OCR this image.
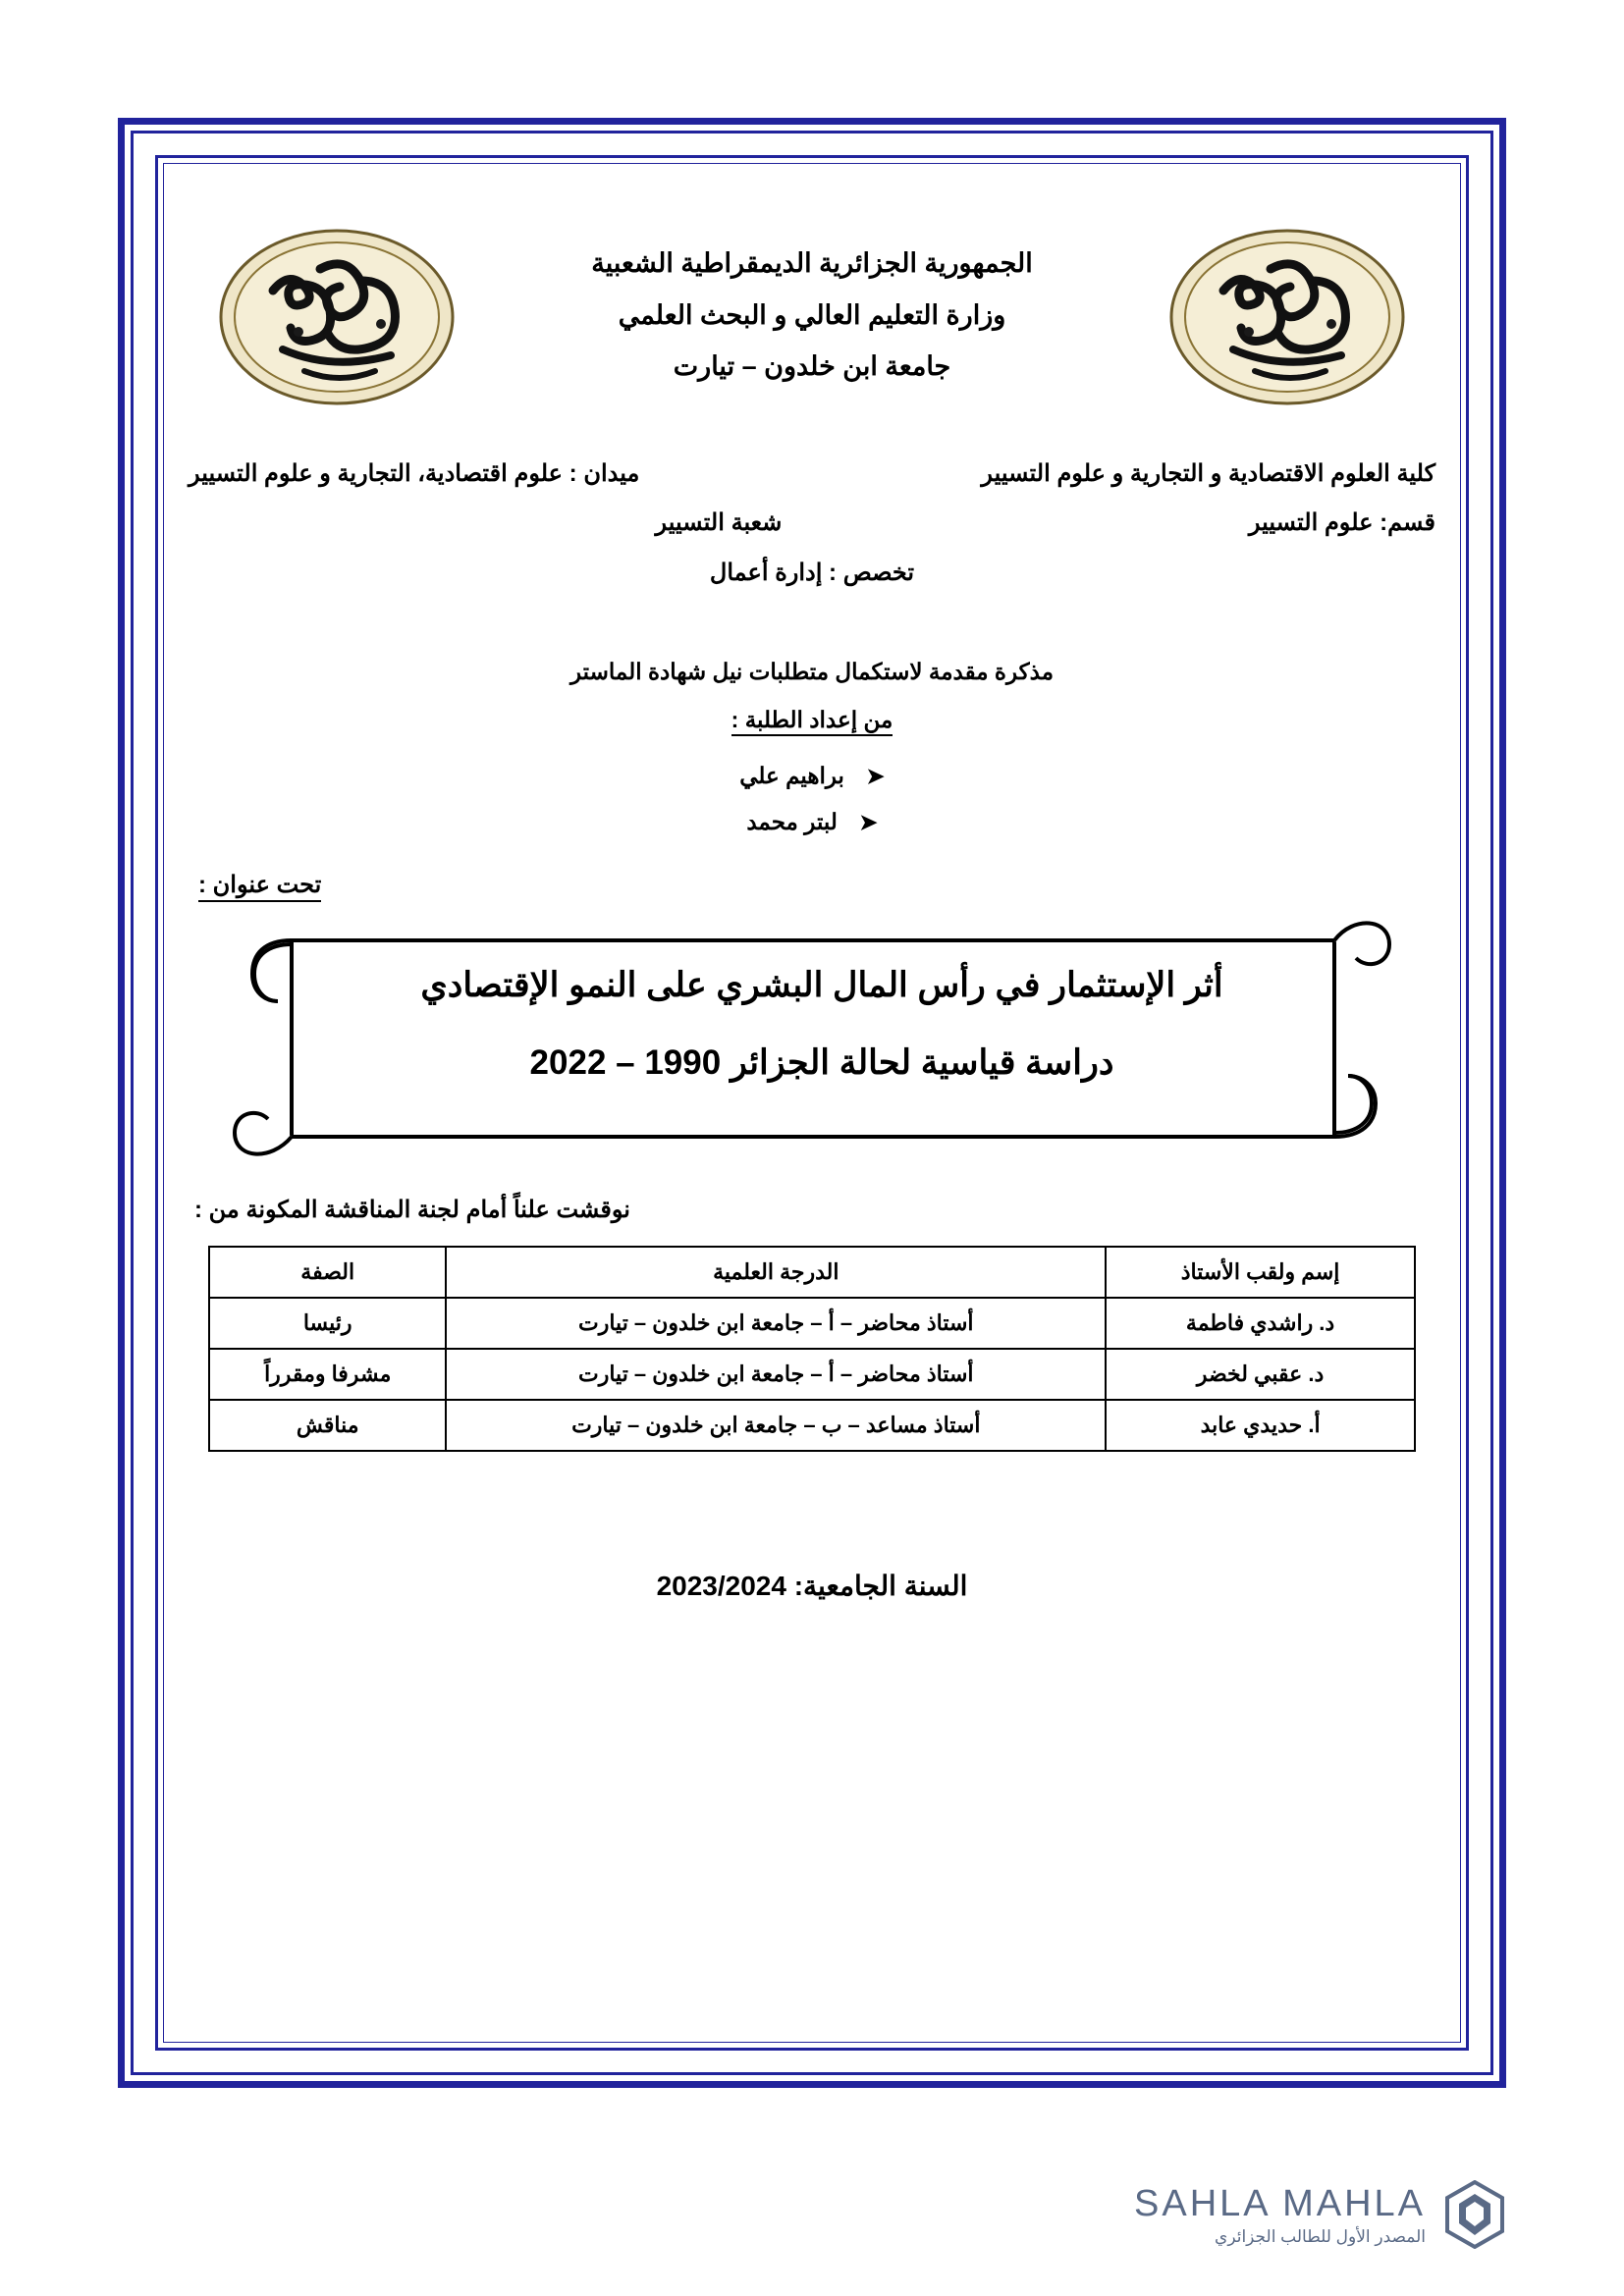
الجمهورية الجزائرية الديمقراطية الشعبية
وزارة التعليم العالي و البحث العلمي
جامعة ابن خلدون – تيارت
كلية العلوم الاقتصادية و التجارية و علوم التسيير
ميدان : علوم اقتصادية، التجارية و علوم التسيير
قسم: علوم التسيير
شعبة التسيير
تخصص : إدارة أعمال
مذكرة مقدمة لاستكمال متطلبات نيل شهادة الماستر
من إعداد الطلبة :
➤ براهيم علي
➤ لبتر محمد
تحت عنوان :
أثر الإستثمار في رأس المال البشري على النمو الإقتصادي
دراسة قياسية لحالة الجزائر 1990 – 2022
نوقشت علناً أمام لجنة المناقشة المكونة من :
إسم ولقب الأستاذ	الدرجة العلمية	الصفة
د. راشدي فاطمة	أستاذ محاضر – أ – جامعة ابن خلدون – تيارت	رئيسا
د. عقبي لخضر	أستاذ محاضر – أ – جامعة ابن خلدون – تيارت	مشرفا ومقرراً
أ. حديدي عابد	أستاذ مساعد – ب – جامعة ابن خلدون – تيارت	مناقش
السنة الجامعية: 2023/2024
SAHLA MAHLA
المصدر الأول للطالب الجزائري
